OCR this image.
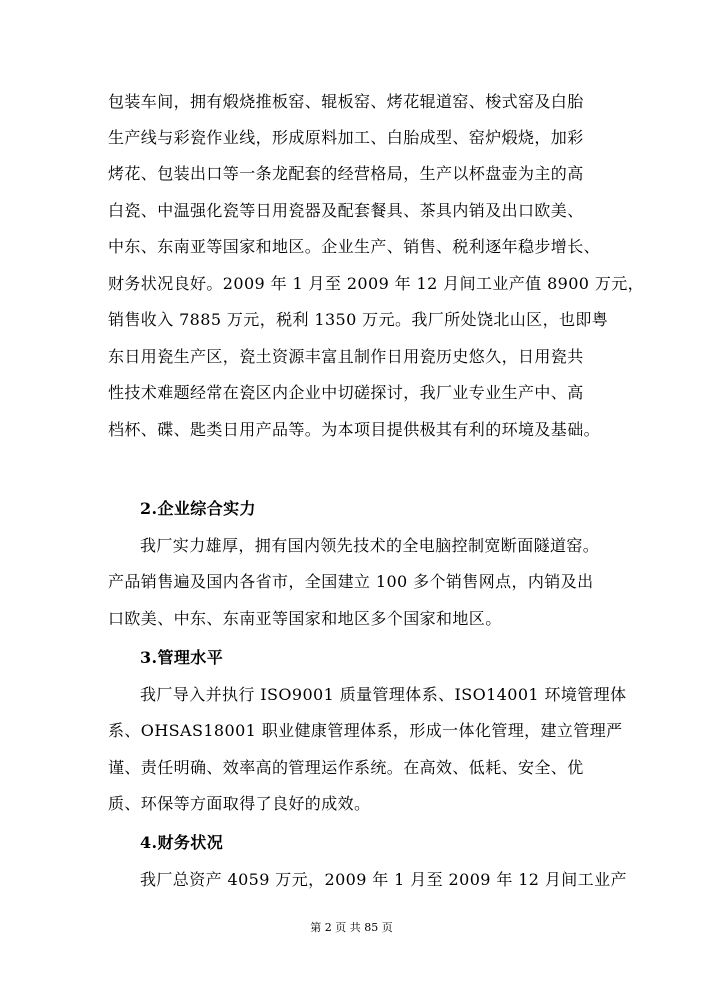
包装车间，拥有煅烧推板窑、辊板窑、烤花辊道窑、梭式窑及白胎
生产线与彩瓷作业线，形成原料加工、白胎成型、窑炉煅烧，加彩
烤花、包装出口等一条龙配套的经营格局，生产以杯盘壶为主的高
白瓷、中温强化瓷等日用瓷器及配套餐具、茶具内销及出口欧美、
中东、东南亚等国家和地区。企业生产、销售、税利逐年稳步增长、
财务状况良好。2009 年 1 月至 2009 年 12 月间工业产值 8900 万元，
销售收入 7885 万元，税利 1350 万元。我厂所处饶北山区，也即粤
东日用瓷生产区，瓷土资源丰富且制作日用瓷历史悠久，日用瓷共
性技术难题经常在瓷区内企业中切磋探讨，我厂业专业生产中、高
档杯、碟、匙类日用产品等。为本项目提供极其有利的环境及基础。
2.企业综合实力
我厂实力雄厚，拥有国内领先技术的全电脑控制宽断面隧道窑。
产品销售遍及国内各省市，全国建立 100 多个销售网点，内销及出
口欧美、中东、东南亚等国家和地区多个国家和地区。
3.管理水平
我厂导入并执行 ISO9001 质量管理体系、ISO14001 环境管理体
系、OHSAS18001 职业健康管理体系，形成一体化管理，建立管理严
谨、责任明确、效率高的管理运作系统。在高效、低耗、安全、优
质、环保等方面取得了良好的成效。
4.财务状况
我厂总资产 4059 万元，2009 年 1 月至 2009 年 12 月间工业产
第 2 页 共 85 页
